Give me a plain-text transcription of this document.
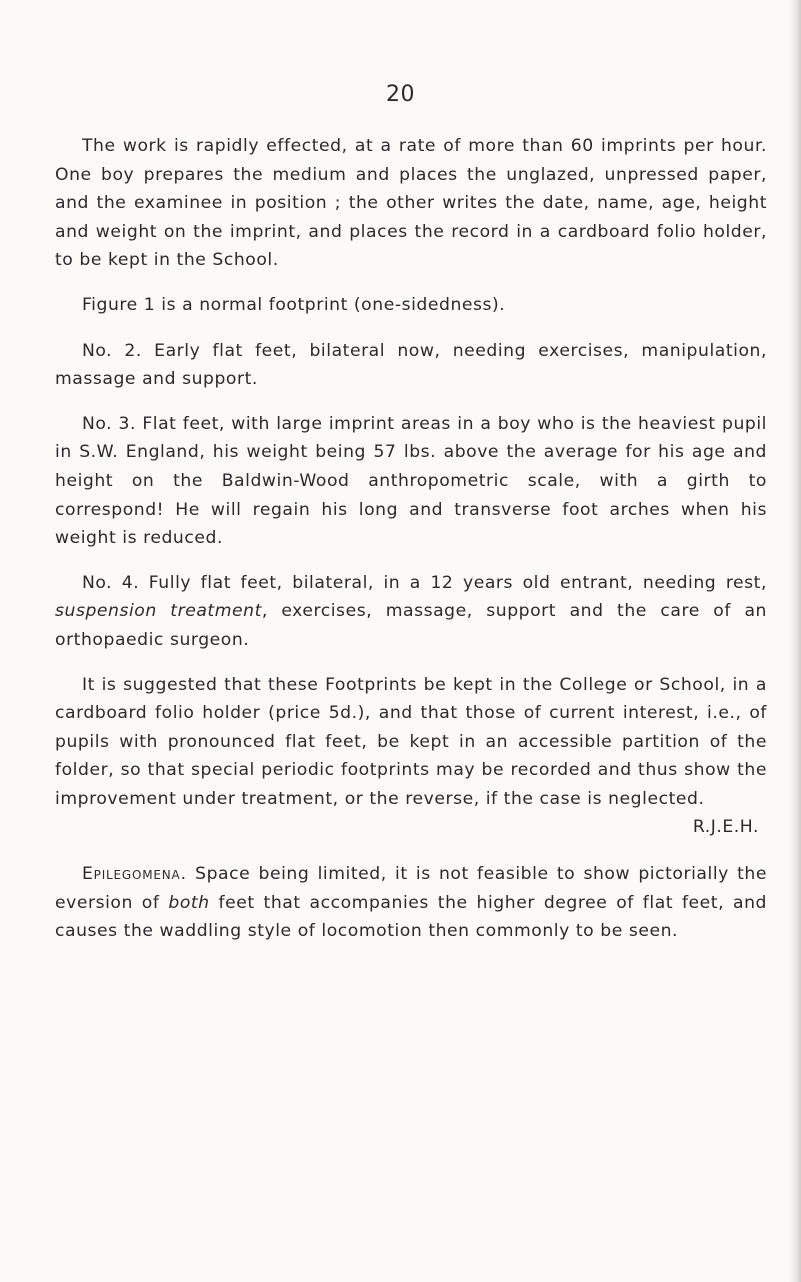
20

The work is rapidly effected, at a rate of more than 60 imprints per hour. One boy prepares the medium and places the unglazed, unpressed paper, and the examinee in position ; the other writes the date, name, age, height and weight on the imprint, and places the record in a cardboard folio holder, to be kept in the School.

Figure 1 is a normal footprint (one-sidedness).

No. 2. Early flat feet, bilateral now, needing exercises, manipulation, massage and support.

No. 3. Flat feet, with large imprint areas in a boy who is the heaviest pupil in S.W. England, his weight being 57 lbs. above the average for his age and height on the Baldwin-Wood anthropometric scale, with a girth to correspond! He will regain his long and transverse foot arches when his weight is reduced.

No. 4. Fully flat feet, bilateral, in a 12 years old entrant, needing rest, suspension treatment, exercises, massage, support and the care of an orthopaedic surgeon.

It is suggested that these Footprints be kept in the College or School, in a cardboard folio holder (price 5d.), and that those of current interest, i.e., of pupils with pronounced flat feet, be kept in an accessible partition of the folder, so that special periodic footprints may be recorded and thus show the improvement under treatment, or the reverse, if the case is neglected.

R.J.E.H.

Epilegomena. Space being limited, it is not feasible to show pictorially the eversion of both feet that accompanies the higher degree of flat feet, and causes the waddling style of locomotion then commonly to be seen.
